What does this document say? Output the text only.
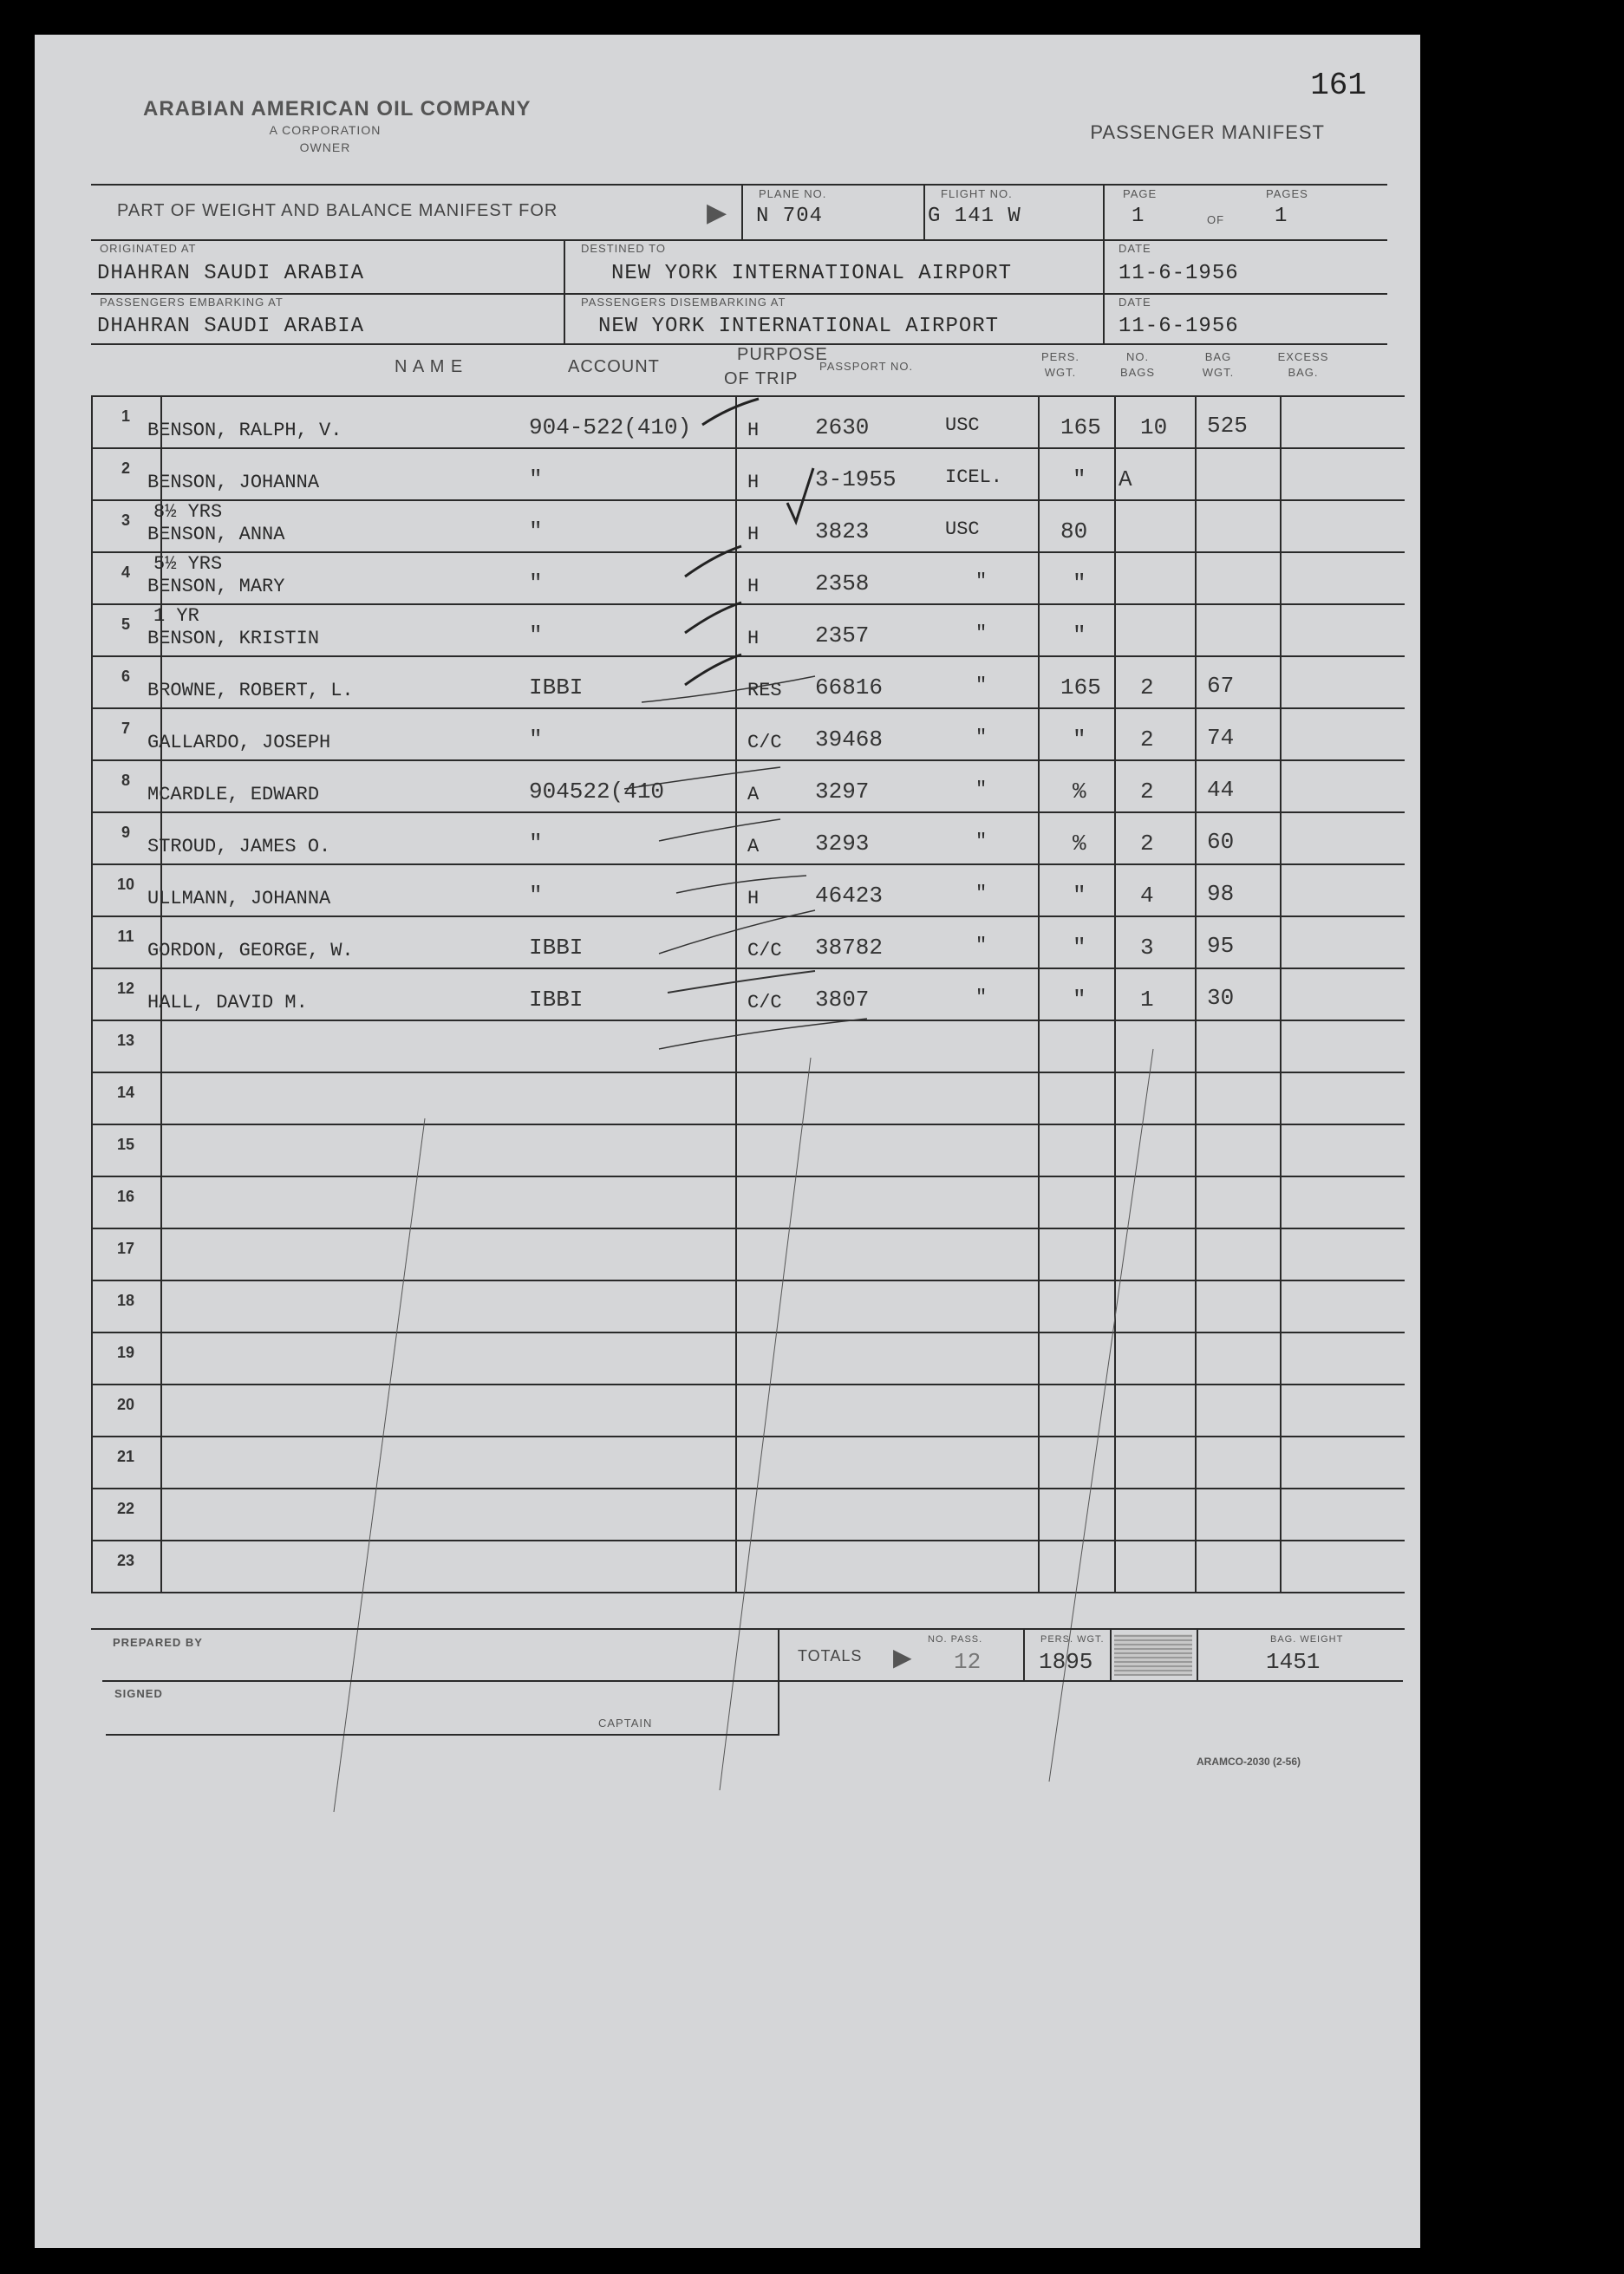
161
ARABIAN AMERICAN OIL COMPANY
A CORPORATION
OWNER
PASSENGER MANIFEST
PART OF WEIGHT AND BALANCE MANIFEST FOR	▶
PLANE NO.
N 704
FLIGHT NO.
G 141 W
PAGE
1	OF
PAGES
1
ORIGINATED AT
DHAHRAN SAUDI ARABIA
DESTINED TO
NEW YORK INTERNATIONAL AIRPORT
DATE
11-6-1956
PASSENGERS EMBARKING AT
DHAHRAN SAUDI ARABIA
PASSENGERS DISEMBARKING AT
NEW YORK INTERNATIONAL AIRPORT
DATE
11-6-1956
N A M E	ACCOUNT
PURPOSE
OF TRIP
PASSPORT NO.
PERS.
WGT.
NO.
BAGS
BAG
WGT.
EXCESS
BAG.
1
BENSON, RALPH, V.	904-522(410)	H 2630	USC	165 10 525
2
BENSON, JOHANNA	"	H 3-1955	ICEL.	" A
3	8½ YRS
BENSON, ANNA	"	H 3823	USC	80
4	5½ YRS
BENSON, MARY	"	H 2358	"	"
5	1 YR
BENSON, KRISTIN	"	H 2357	"	"
6
BROWNE, ROBERT, L.	IBBI	RES 66816	"	165 2 67
7
GALLARDO, JOSEPH	"	C/C 39468	"	" 2 74
8
MCARDLE, EDWARD	904522(410	A 3297	"	% 2 44
9
STROUD, JAMES O.	"	A 3293	"	% 2 60
10
ULLMANN, JOHANNA	"	H 46423	"	" 4 98
11
GORDON, GEORGE, W.	IBBI	C/C 38782	"	" 3 95
12
HALL, DAVID M.	IBBI	C/C 3807	"	" 1 30
13
14
15
16
17
18
19
20
21
22
23
PREPARED BY
SIGNED
CAPTAIN
TOTALS ▶
NO. PASS.
12
PERS. WGT.
1895
BAG. WEIGHT
1451
ARAMCO-2030 (2-56)
